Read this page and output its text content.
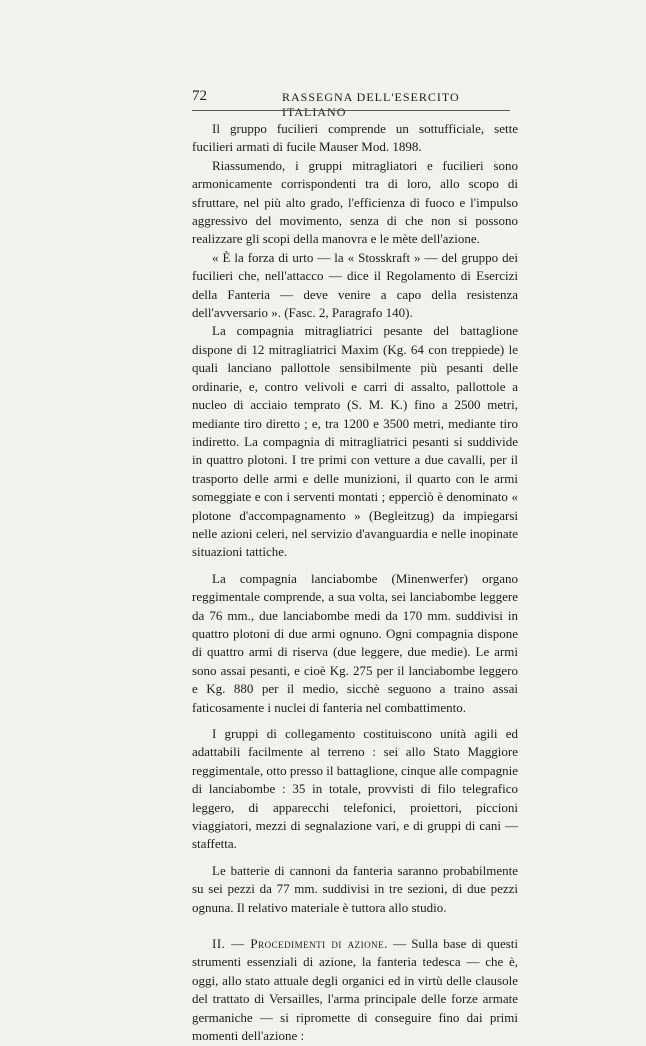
72	RASSEGNA DELL'ESERCITO ITALIANO

Il gruppo fucilieri comprende un sottufficiale, sette fucilieri armati di fucile Mauser Mod. 1898.

Riassumendo, i gruppi mitragliatori e fucilieri sono armonicamente corrispondenti tra di loro, allo scopo di sfruttare, nel più alto grado, l'efficienza di fuoco e l'impulso aggressivo del movimento, senza di che non si possono realizzare gli scopi della manovra e le mète dell'azione.

« È la forza di urto — la « Stosskraft » — del gruppo dei fucilieri che, nell'attacco — dice il Regolamento di Esercizi della Fanteria — deve venire a capo della resistenza dell'avversario ». (Fasc. 2, Paragrafo 140).

La compagnia mitragliatrici pesante del battaglione dispone di 12 mitragliatrici Maxim (Kg. 64 con treppiede) le quali lanciano pallottole sensibilmente più pesanti delle ordinarie, e, contro velivoli e carri di assalto, pallottole a nucleo di acciaio temprato (S. M. K.) fino a 2500 metri, mediante tiro diretto ; e, tra 1200 e 3500 metri, mediante tiro indiretto. La compagnia di mitragliatrici pesanti si suddivide in quattro plotoni. I tre primi con vetture a due cavalli, per il trasporto delle armi e delle munizioni, il quarto con le armi someggiate e con i serventi montati ; eppercìò è denominato « plotone d'accompagnamento » (Begleitzug) da impiegarsi nelle azioni celeri, nel servizio d'avanguardia e nelle inopinate situazioni tattiche.

La compagnia lanciabombe (Minenwerfer) organo reggimentale comprende, a sua volta, sei lanciabombe leggere da 76 mm., due lanciabombe medi da 170 mm. suddivisi in quattro plotoni di due armi ognuno. Ogni compagnia dispone di quattro armi di riserva (due leggere, due medie). Le armi sono assai pesanti, e cioè Kg. 275 per il lanciabombe leggero e Kg. 880 per il medio, sicchè seguono a traino assai faticosamente i nuclei di fanteria nel combattimento.

I gruppi di collegamento costituiscono unità agili ed adattabili facilmente al terreno : sei allo Stato Maggiore reggimentale, otto presso il battaglione, cinque alle compagnie di lanciabombe : 35 in totale, provvisti di filo telegrafico leggero, di apparecchi telefonici, proiettori, piccioni viaggiatori, mezzi di segnalazione vari, e di gruppi di cani — staffetta.

Le batterie di cannoni da fanteria saranno probabilmente su sei pezzi da 77 mm. suddivisi in tre sezioni, di due pezzi ognuna. Il relativo materiale è tuttora allo studio.

II. — Procedimenti di azione. — Sulla base di questi strumenti essenziali di azione, la fanteria tedesca — che è, oggi, allo stato attuale degli organici ed in virtù delle clausole del trattato di Versailles, l'arma principale delle forze armate germaniche — si ripromette di conseguire fino dai primi momenti dell'azione :
